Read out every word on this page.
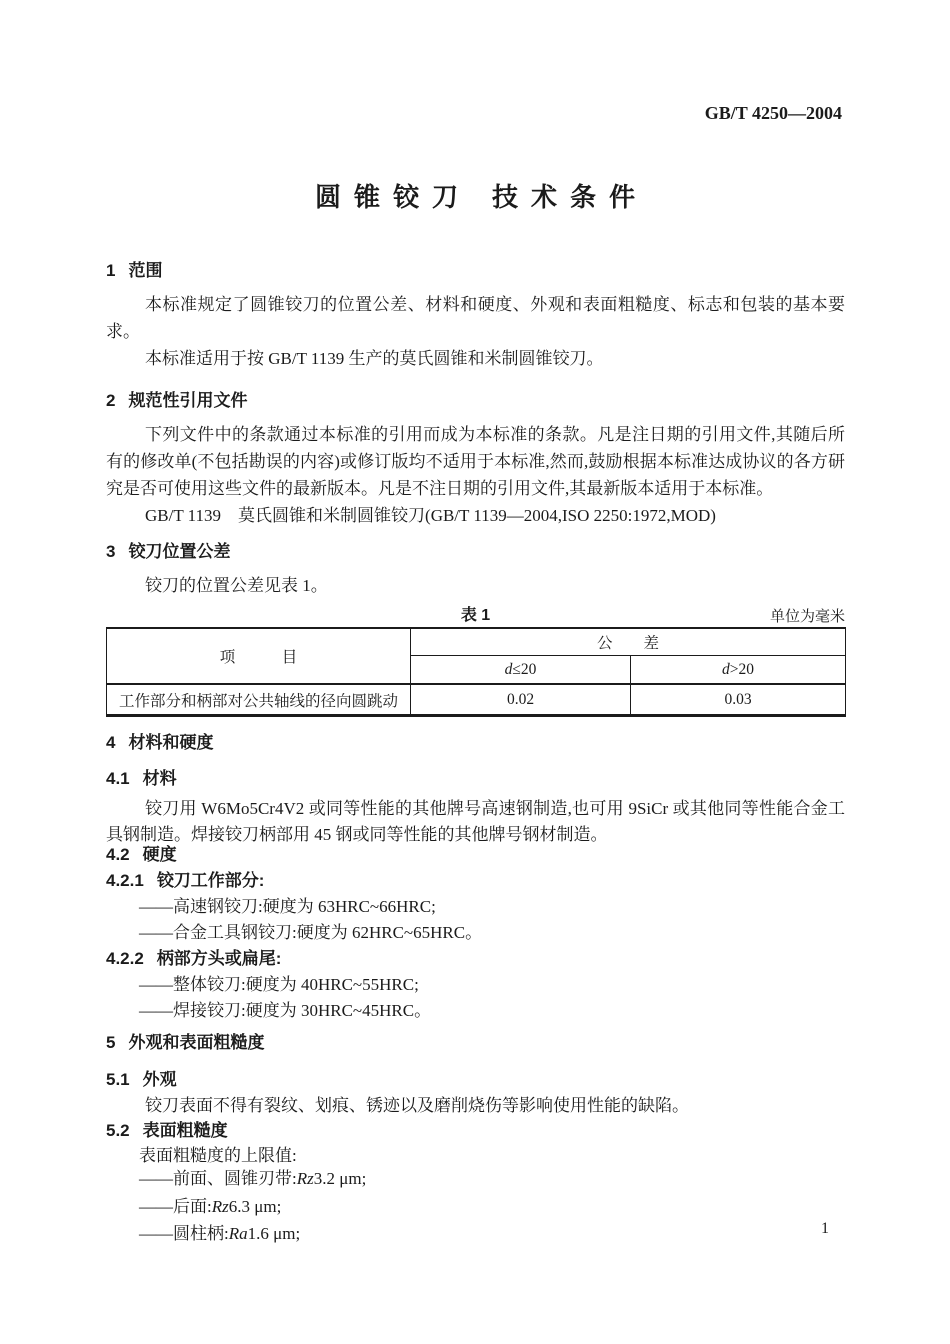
GB/T 4250—2004
圆锥铰刀 技术条件

1 范围

本标准规定了圆锥铰刀的位置公差、材料和硬度、外观和表面粗糙度、标志和包装的基本要求。

本标准适用于按 GB/T 1139 生产的莫氏圆锥和米制圆锥铰刀。

2 规范性引用文件

下列文件中的条款通过本标准的引用而成为本标准的条款。凡是注日期的引用文件,其随后所有的修改单(不包括勘误的内容)或修订版均不适用于本标准,然而,鼓励根据本标准达成协议的各方研究是否可使用这些文件的最新版本。凡是不注日期的引用文件,其最新版本适用于本标准。

GB/T 1139　莫氏圆锥和米制圆锥铰刀(GB/T 1139—2004,ISO 2250:1972,MOD)

3 铰刀位置公差

铰刀的位置公差见表 1。

表 1	单位为毫米
项　　　目	公　　差	
	d≤20	d>20
工作部分和柄部对公共轴线的径向圆跳动	0.02	0.03

4 材料和硬度

4.1 材料

铰刀用 W6Mo5Cr4V2 或同等性能的其他牌号高速钢制造,也可用 9SiCr 或其他同等性能合金工具钢制造。焊接铰刀柄部用 45 钢或同等性能的其他牌号钢材制造。

4.2 硬度

4.2.1 铰刀工作部分:

——高速钢铰刀:硬度为 63HRC~66HRC;

——合金工具钢铰刀:硬度为 62HRC~65HRC。

4.2.2 柄部方头或扁尾:

——整体铰刀:硬度为 40HRC~55HRC;

——焊接铰刀:硬度为 30HRC~45HRC。

5 外观和表面粗糙度

5.1 外观

铰刀表面不得有裂纹、划痕、锈迹以及磨削烧伤等影响使用性能的缺陷。

5.2 表面粗糙度

表面粗糙度的上限值:

——前面、圆锥刃带:Rz3.2 μm;

——后面:Rz6.3 μm;

——圆柱柄:Ra1.6 μm;	1
